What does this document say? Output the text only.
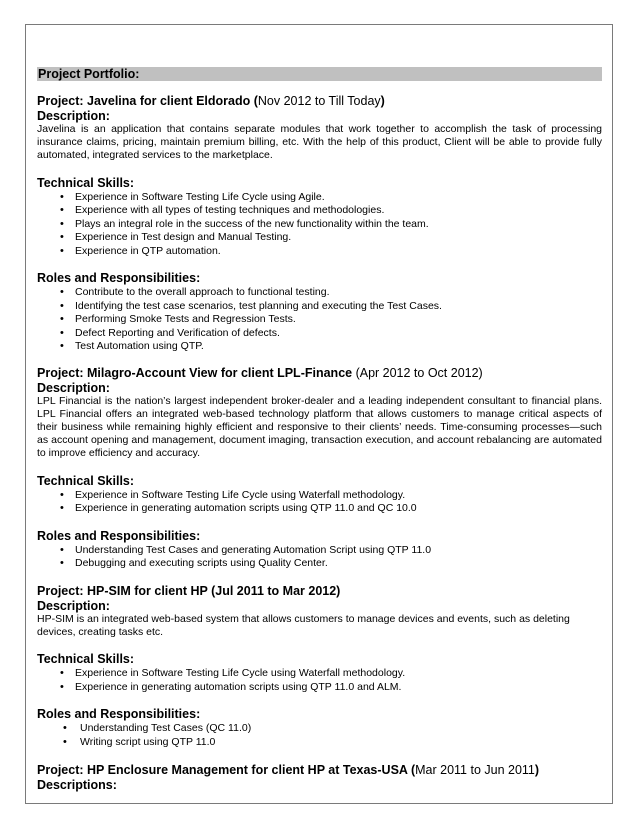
Project Portfolio:
Project: Javelina for client Eldorado (Nov 2012 to Till Today)
Description:
Javelina is an application that contains separate modules that work together to accomplish the task of processing insurance claims, pricing, maintain premium billing, etc. With the help of this product, Client will be able to provide fully automated, integrated services to the marketplace.
Technical Skills:
• Experience in Software Testing Life Cycle using Agile.
• Experience with all types of testing techniques and methodologies.
• Plays an integral role in the success of the new functionality within the team.
• Experience in Test design and Manual Testing.
• Experience in QTP automation.
Roles and Responsibilities:
• Contribute to the overall approach to functional testing.
• Identifying the test case scenarios, test planning and executing the Test Cases.
• Performing Smoke Tests and Regression Tests.
• Defect Reporting and Verification of defects.
• Test Automation using QTP.
Project: Milagro-Account View for client LPL-Finance (Apr 2012 to Oct 2012)
Description:
LPL Financial is the nation’s largest independent broker-dealer and a leading independent consultant to financial plans. LPL Financial offers an integrated web-based technology platform that allows customers to manage critical aspects of their business while remaining highly efficient and responsive to their clients’ needs. Time-consuming processes—such as account opening and management, document imaging, transaction execution, and account rebalancing are automated to improve efficiency and accuracy.
Technical Skills:
• Experience in Software Testing Life Cycle using Waterfall methodology.
• Experience in generating automation scripts using QTP 11.0 and QC 10.0
Roles and Responsibilities:
• Understanding Test Cases and generating Automation Script using QTP 11.0
• Debugging and executing scripts using Quality Center.
Project: HP-SIM for client HP (Jul 2011 to Mar 2012)
Description:
HP-SIM is an integrated web-based system that allows customers to manage devices and events, such as deleting devices, creating tasks etc.
Technical Skills:
• Experience in Software Testing Life Cycle using Waterfall methodology.
• Experience in generating automation scripts using QTP 11.0 and ALM.
Roles and Responsibilities:
• Understanding Test Cases (QC 11.0)
• Writing script using QTP 11.0
Project: HP Enclosure Management for client HP at Texas-USA (Mar 2011 to Jun 2011)
Descriptions:
